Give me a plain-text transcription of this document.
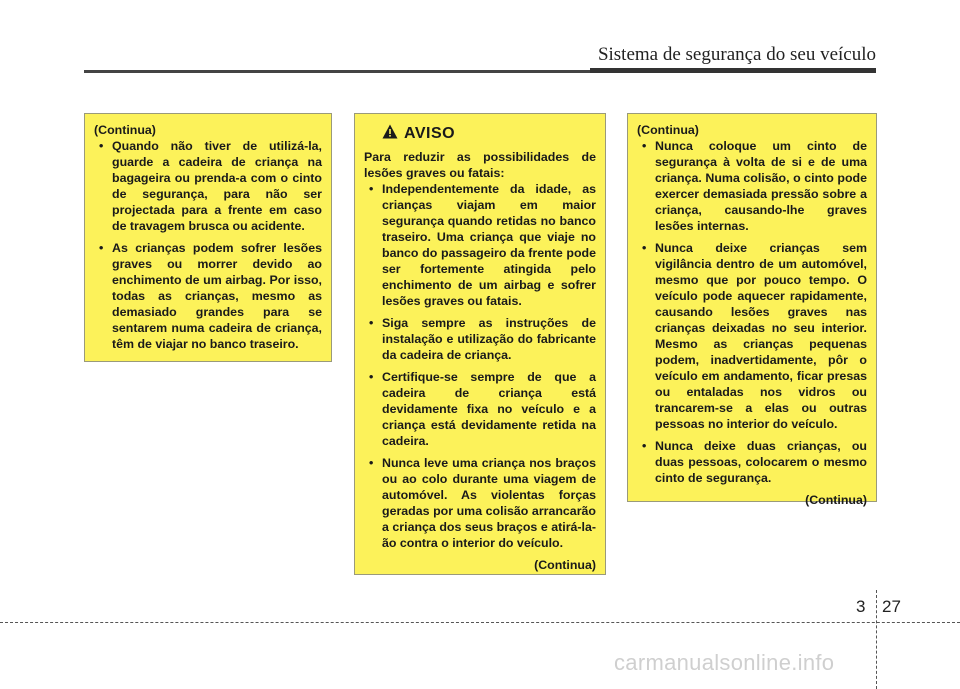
Sistema de segurança do seu veículo

(Continua)

• Quando não tiver de utilizá-la, guarde a cadeira de criança na bagageira ou prenda-a com o cinto de segurança, para não ser projectada para a frente em caso de travagem brusca ou acidente.
• As crianças podem sofrer lesões graves ou morrer devido ao enchimento de um airbag. Por isso, todas as crianças, mesmo as demasiado grandes para se sentarem numa cadeira de criança, têm de viajar no banco traseiro.
AVISO

Para reduzir as possibilidades de lesões graves ou fatais:

• Independentemente da idade, as crianças viajam em maior segurança quando retidas no banco traseiro. Uma criança que viaje no banco do passageiro da frente pode ser fortemente atingida pelo enchimento de um airbag e sofrer lesões graves ou fatais.
• Siga sempre as instruções de instalação e utilização do fabricante da cadeira de criança.
• Certifique-se sempre de que a cadeira de criança está devidamente fixa no veículo e a criança está devidamente retida na cadeira.
• Nunca leve uma criança nos braços ou ao colo durante uma viagem de automóvel. As violentas forças geradas por uma colisão arrancarão a criança dos seus braços e atirá-la-ão contra o interior do veículo.

(Continua)

(Continua)

• Nunca coloque um cinto de segurança à volta de si e de uma criança. Numa colisão, o cinto pode exercer demasiada pressão sobre a criança, causando-lhe graves lesões internas.
• Nunca deixe crianças sem vigilância dentro de um automóvel, mesmo que por pouco tempo. O veículo pode aquecer rapidamente, causando lesões graves nas crianças deixadas no seu interior. Mesmo as crianças pequenas podem, inadvertidamente, pôr o veículo em andamento, ficar presas ou entaladas nos vidros ou trancarem-se a elas ou outras pessoas no interior do veículo.
• Nunca deixe duas crianças, ou duas pessoas, colocarem o mesmo cinto de segurança.

(Continua)

3 27
carmanualsonline.info
